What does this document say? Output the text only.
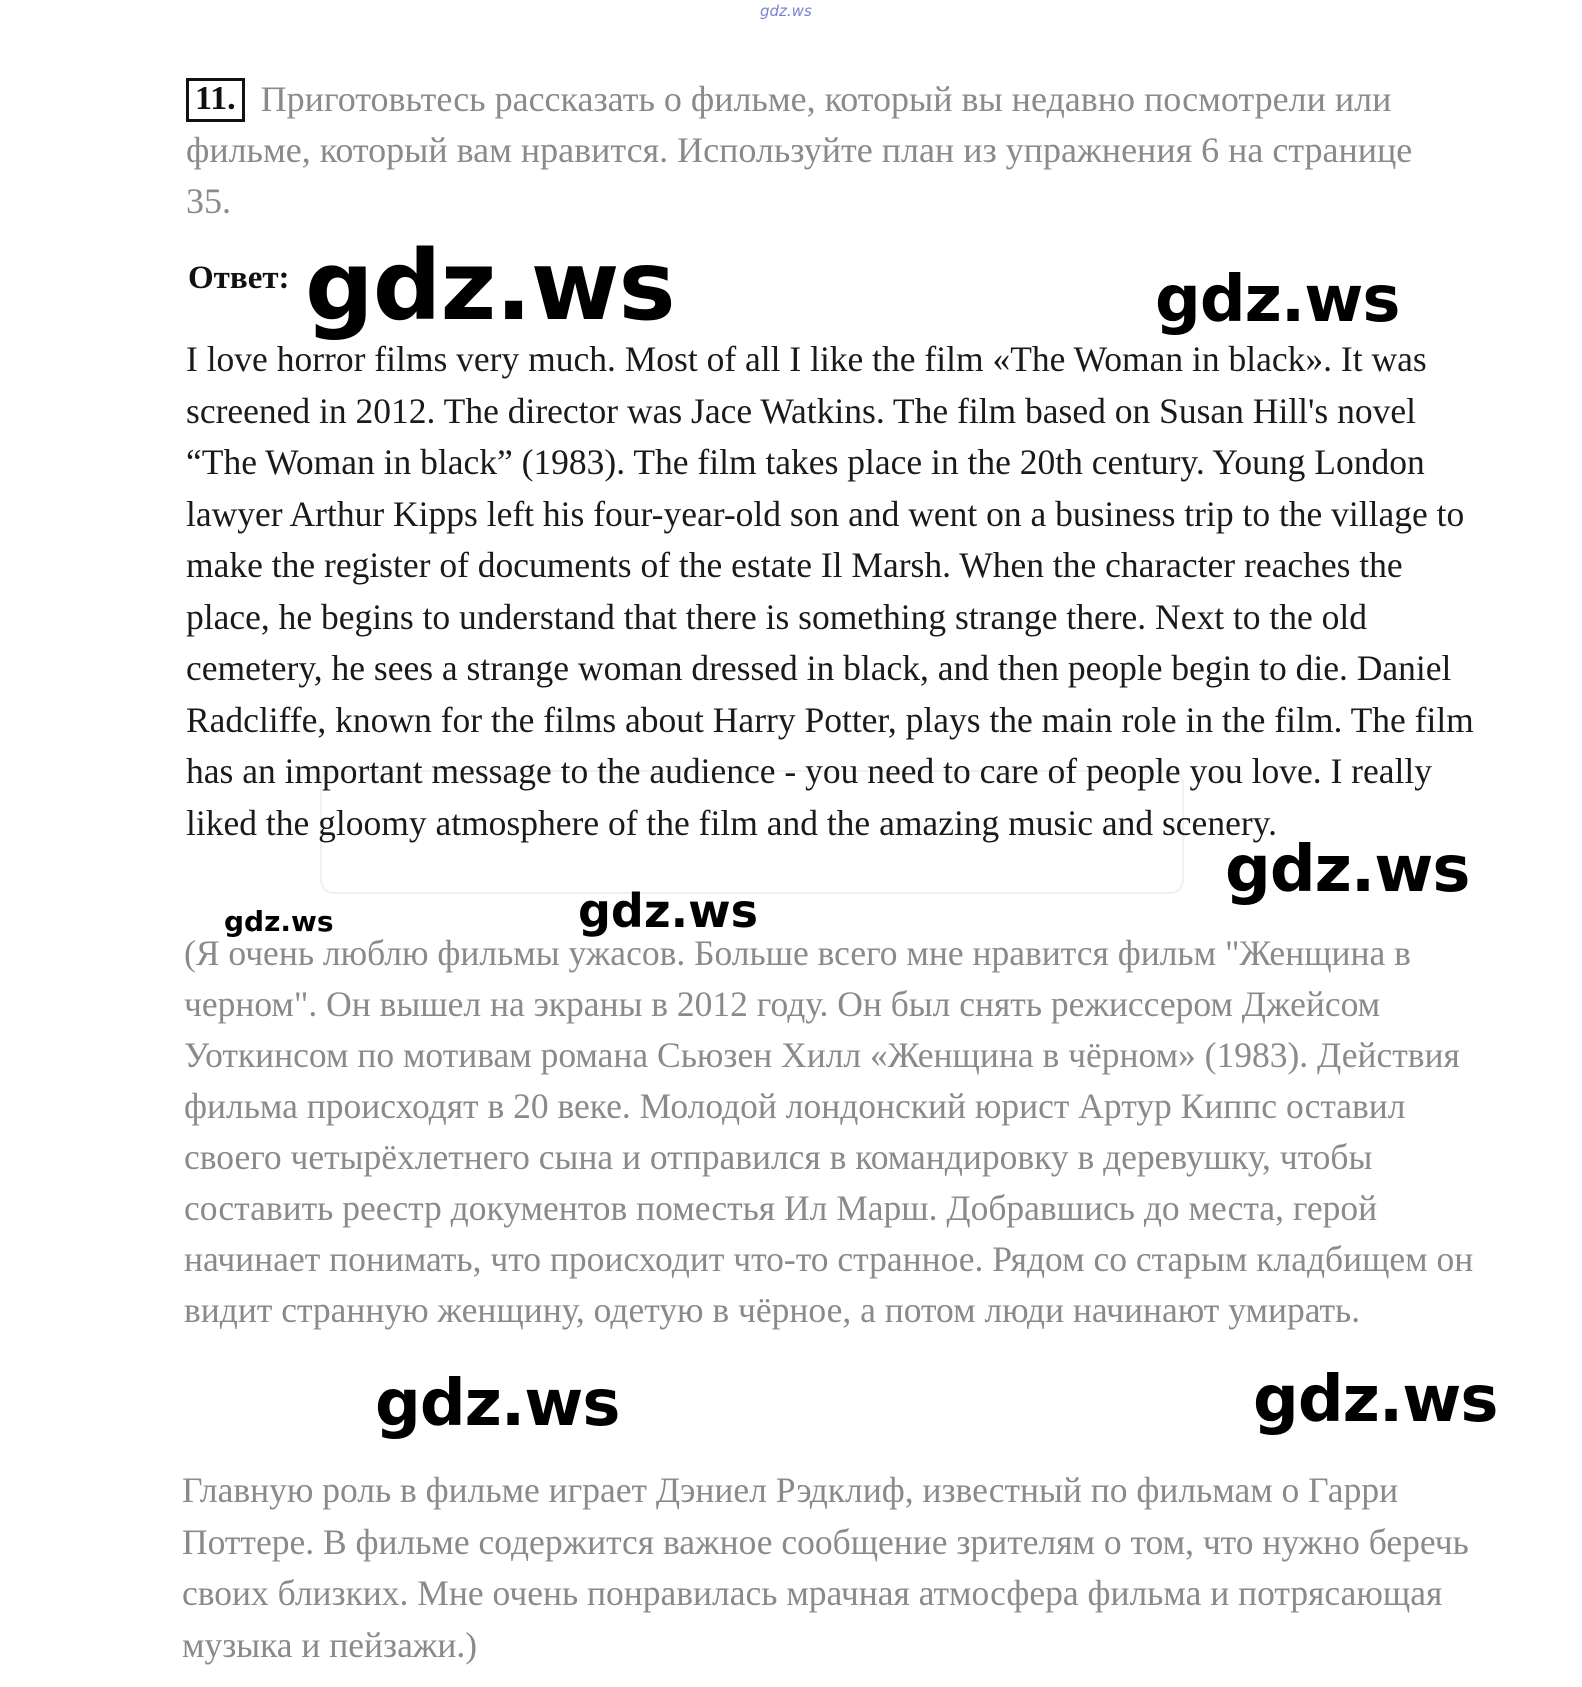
gdz.ws
11. Приготовьтесь рассказать о фильме, который вы недавно посмотрели или фильме, который вам нравится. Используйте план из упражнения 6 на странице 35.
Ответ:
I love horror films very much. Most of all I like the film «The Woman in black». It was screened in 2012. The director was Jace Watkins. The film based on Susan Hill's novel “The Woman in black” (1983). The film takes place in the 20th century. Young London lawyer Arthur Kipps left his four-year-old son and went on a business trip to the village to make the register of documents of the estate Il Marsh. When the character reaches the place, he begins to understand that there is something strange there. Next to the old cemetery, he sees a strange woman dressed in black, and then people begin to die. Daniel Radcliffe, known for the films about Harry Potter, plays the main role in the film. The film has an important message to the audience - you need to care of people you love. I really liked the gloomy atmosphere of the film and the amazing music and scenery.
(Я очень люблю фильмы ужасов. Больше всего мне нравится фильм "Женщина в черном". Он вышел на экраны в 2012 году. Он был снять режиссером Джейсом Уоткинсом по мотивам романа Сьюзен Хилл «Женщина в чёрном» (1983). Действия фильма происходят в 20 веке. Молодой лондонский юрист Артур Киппс оставил своего четырёхлетнего сына и отправился в командировку в деревушку, чтобы составить реестр документов поместья Ил Марш. Добравшись до места, герой начинает понимать, что происходит что-то странное. Рядом со старым кладбищем он видит странную женщину, одетую в чёрное, а потом люди начинают умирать.
Главную роль в фильме играет Дэниел Рэдклиф, известный по фильмам о Гарри Поттере. В фильме содержится важное сообщение зрителям о том, что нужно беречь своих близких. Мне очень понравилась мрачная атмосфера фильма и потрясающая музыка и пейзажи.)
gdz.ws	gdz.ws
gdz.ws
gdz.ws	gdz.ws
gdz.ws	gdz.ws
